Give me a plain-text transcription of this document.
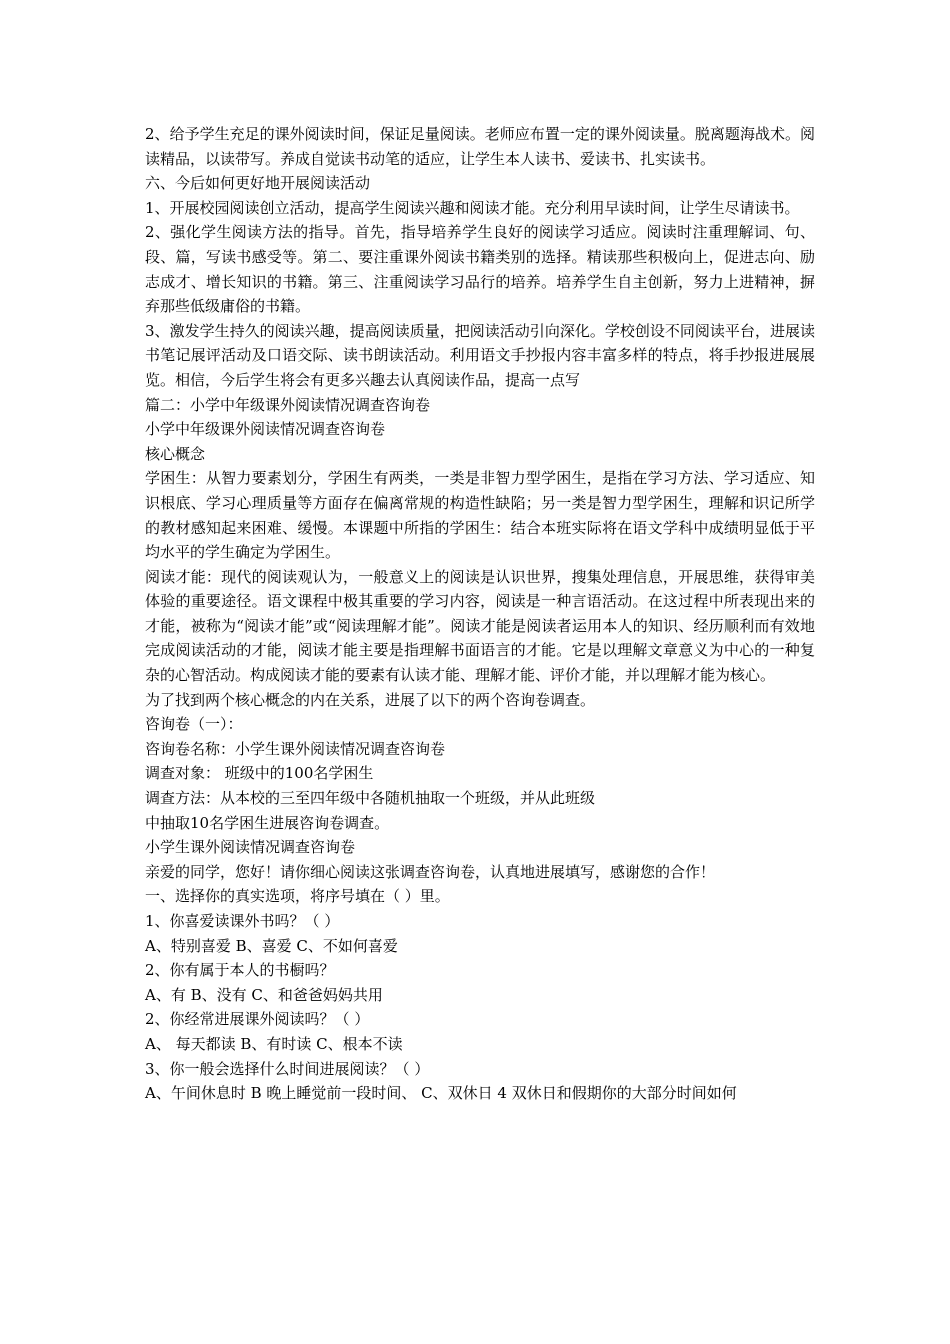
2、给予学生充足的课外阅读时间，保证足量阅读。老师应布置一定的课外阅读量。脱离题海战术。阅读精品，以读带写。养成自觉读书动笔的适应，让学生本人读书、爱读书、扎实读书。

六、今后如何更好地开展阅读活动

1、开展校园阅读创立活动，提高学生阅读兴趣和阅读才能。充分利用早读时间，让学生尽请读书。

2、强化学生阅读方法的指导。首先，指导培养学生良好的阅读学习适应。阅读时注重理解词、句、段、篇，写读书感受等。第二、要注重课外阅读书籍类别的选择。精读那些积极向上，促进志向、励志成才、增长知识的书籍。第三、注重阅读学习品行的培养。培养学生自主创新，努力上进精神，摒弃那些低级庸俗的书籍。

3、激发学生持久的阅读兴趣，提高阅读质量，把阅读活动引向深化。学校创设不同阅读平台，进展读书笔记展评活动及口语交际、读书朗读活动。利用语文手抄报内容丰富多样的特点，将手抄报进展展览。相信，今后学生将会有更多兴趣去认真阅读作品，提高一点写

篇二：小学中年级课外阅读情况调查咨询卷

小学中年级课外阅读情况调查咨询卷

核心概念

学困生：从智力要素划分，学困生有两类，一类是非智力型学困生，是指在学习方法、学习适应、知识根底、学习心理质量等方面存在偏离常规的构造性缺陷；另一类是智力型学困生，理解和识记所学的教材感知起来困难、缓慢。本课题中所指的学困生：结合本班实际将在语文学科中成绩明显低于平均水平的学生确定为学困生。

阅读才能：现代的阅读观认为，一般意义上的阅读是认识世界，搜集处理信息，开展思维，获得审美体验的重要途径。语文课程中极其重要的学习内容，阅读是一种言语活动。在这过程中所表现出来的才能，被称为“阅读才能”或“阅读理解才能”。阅读才能是阅读者运用本人的知识、经历顺利而有效地完成阅读活动的才能，阅读才能主要是指理解书面语言的才能。它是以理解文章意义为中心的一种复杂的心智活动。构成阅读才能的要素有认读才能、理解才能、评价才能，并以理解才能为核心。

为了找到两个核心概念的内在关系，进展了以下的两个咨询卷调查。

咨询卷（一）：

咨询卷名称：小学生课外阅读情况调查咨询卷

调查对象： 班级中的100名学困生

调查方法：从本校的三至四年级中各随机抽取一个班级，并从此班级

中抽取10名学困生进展咨询卷调查。

小学生课外阅读情况调查咨询卷

亲爱的同学，您好！请你细心阅读这张调查咨询卷，认真地进展填写，感谢您的合作！

一、选择你的真实选项，将序号填在（ ）里。

1、你喜爱读课外书吗？（ ）

A、特别喜爱 B、喜爱 C、不如何喜爱

2、你有属于本人的书橱吗？

A、有 B、没有 C、和爸爸妈妈共用

2、你经常进展课外阅读吗？（ ）

A、 每天都读 B、有时读 C、根本不读

3、你一般会选择什么时间进展阅读？（ ）

A、午间休息时 B 晚上睡觉前一段时间、 C、双休日 4 双休日和假期你的大部分时间如何
